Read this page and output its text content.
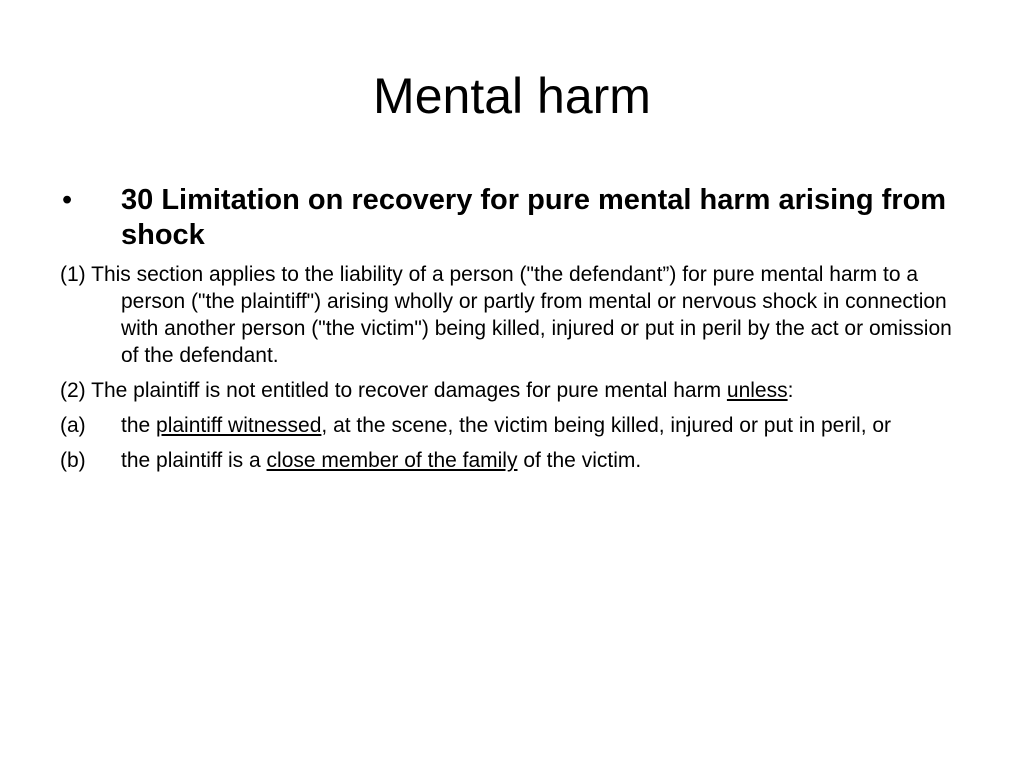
Mental harm
• 30 Limitation on recovery for pure mental harm arising from shock
(1) This section applies to the liability of a person ("the defendant”) for pure mental harm to a person ("the plaintiff") arising wholly or partly from mental or nervous shock in connection with another person ("the victim") being killed, injured or put in peril by the act or omission of the defendant.
(2) The plaintiff is not entitled to recover damages for pure mental harm unless:
(a) the plaintiff witnessed, at the scene, the victim being killed, injured or put in peril, or
(b) the plaintiff is a close member of the family of the victim.
